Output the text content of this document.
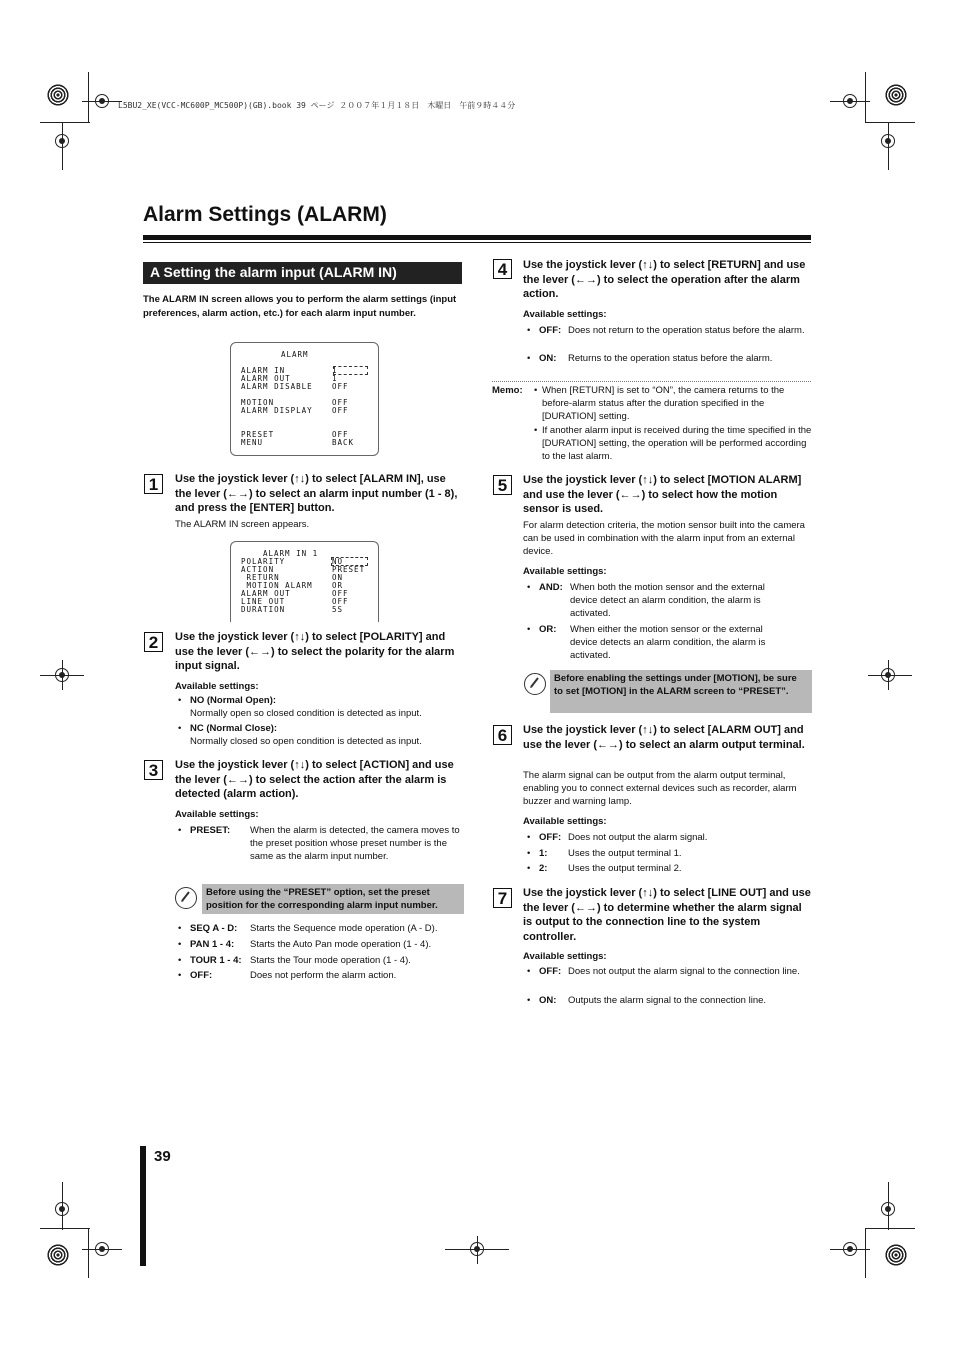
L5BU2_XE(VCC-MC600P_MC500P)(GB).book 39 ページ ２００７年１月１８日　木曜日　午前９時４４分
Alarm Settings (ALARM)
A Setting the alarm input (ALARM IN)
The ALARM IN screen allows you to perform the alarm settings (input preferences, alarm action, etc.) for each alarm input number.
ALARM
ALARM IN	1
ALARM OUT	1
ALARM DISABLE	OFF
MOTION	OFF
ALARM DISPLAY	OFF
PRESET	OFF
MENU	BACK
1	Use the joystick lever (↑↓) to select [ALARM IN], use the lever (←→) to select an alarm input number (1 - 8), and press the [ENTER] button.
The ALARM IN screen appears.
ALARM IN 1
POLARITY	NO
ACTION	PRESET
RETURN	ON
MOTION ALARM	OR
ALARM OUT	OFF
LINE OUT	OFF
DURATION	5S
2	Use the joystick lever (↑↓) to select [POLARITY] and use the lever (←→) to select the polarity for the alarm input signal.
Available settings:
• NO (Normal Open):
Normally open so closed condition is detected as input.
• NC (Normal Close):
Normally closed so open condition is detected as input.
3	Use the joystick lever (↑↓) to select [ACTION] and use the lever (←→) to select the action after the alarm is detected (alarm action).
Available settings:
• PRESET: When the alarm is detected, the camera moves to the preset position whose preset number is the same as the alarm input number.
Before using the “PRESET” option, set the preset position for the corresponding alarm input number.
• SEQ A - D: Starts the Sequence mode operation (A - D).
• PAN 1 - 4: Starts the Auto Pan mode operation (1 - 4).
• TOUR 1 - 4: Starts the Tour mode operation (1 - 4).
• OFF:	Does not perform the alarm action.
4	Use the joystick lever (↑↓) to select [RETURN] and use the lever (←→) to select the operation after the alarm action.
Available settings:
• OFF: Does not return to the operation status before the alarm.
• ON: Returns to the operation status before the alarm.
Memo: • When [RETURN] is set to “ON”, the camera returns to the before-alarm status after the duration specified in the [DURATION] setting.
• If another alarm input is received during the time specified in the [DURATION] setting, the operation will be performed according to the last alarm.
5	Use the joystick lever (↑↓) to select [MOTION ALARM] and use the lever (←→) to select how the motion sensor is used.
For alarm detection criteria, the motion sensor built into the camera can be used in combination with the alarm input from an external device.
Available settings:
• AND: When both the motion sensor and the external device detect an alarm condition, the alarm is activated.
• OR: When either the motion sensor or the external device detects an alarm condition, the alarm is activated.
Before enabling the settings under [MOTION], be sure to set [MOTION] in the ALARM screen to “PRESET”.
6	Use the joystick lever (↑↓) to select [ALARM OUT] and use the lever (←→) to select an alarm output terminal.
The alarm signal can be output from the alarm output terminal, enabling you to connect external devices such as recorder, alarm buzzer and warning lamp.
Available settings:
• OFF: Does not output the alarm signal.
• 1: Uses the output terminal 1.
• 2: Uses the output terminal 2.
7	Use the joystick lever (↑↓) to select [LINE OUT] and use the lever (←→) to determine whether the alarm signal is output to the connection line to the system controller.
Available settings:
• OFF: Does not output the alarm signal to the connection line.
• ON: Outputs the alarm signal to the connection line.
39
